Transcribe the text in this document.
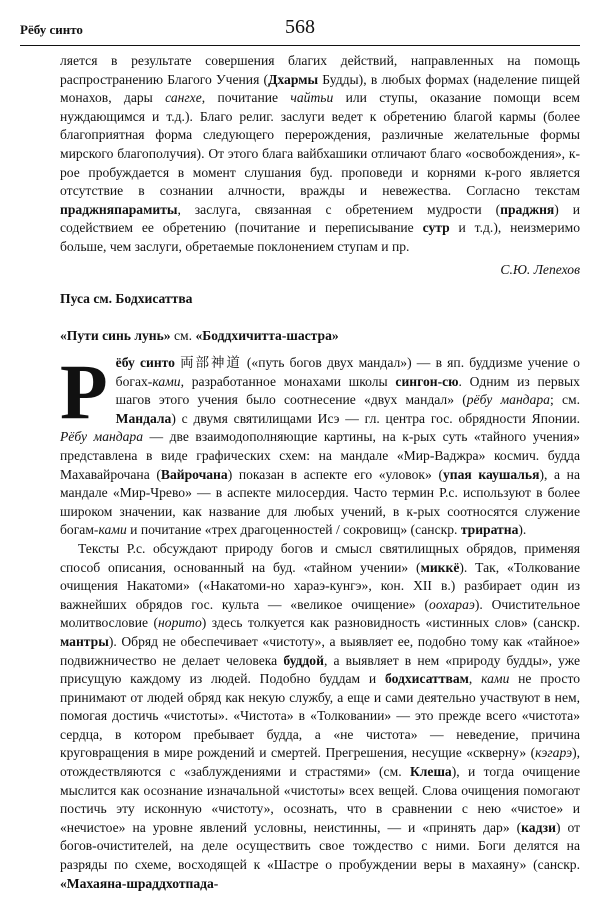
Рёбу синто	568

ляется в результате совершения благих действий, направленных на помощь распространению Благого Учения (Дхармы Будды), в любых формах (наделение пищей монахов, дары сангхе, почитание чайтьи или ступы, оказание помощи всем нуждающимся и т.д.). Благо религ. заслуги ведет к обретению благой кармы (более благоприятная форма следующего перерождения, различные желательные формы мирского благополучия). От этого блага вайбхашики отличают благо «освобождения», к-рое пробуждается в момент слушания буд. проповеди и корнями к-рого является отсутствие в сознании алчности, вражды и невежества. Согласно текстам праджняпарамиты, заслуга, связанная с обретением мудрости (праджня) и содействием ее обретению (почитание и переписывание сутр и т.д.), неизмеримо больше, чем заслуги, обретаемые поклонением ступам и пр.

С.Ю. Лепехов

Пуса см. Бодхисаттва
«Пути синь лунь» см. «Боддхичитта-шастра»

Рёбу синто 両部神道 («путь богов двух мандал») — в яп. буддизме учение о богах-ками, разработанное монахами школы сингон-сю. Одним из первых шагов этого учения было соотнесение «двух мандал» (рёбу мандара; см. Мандала) с двумя святилищами Исэ — гл. центра гос. обрядности Японии. Рёбу мандара — две взаимодополняющие картины, на к-рых суть «тайного учения» представлена в виде графических схем: на мандале «Мир-Ваджра» космич. будда Махавайрочана (Вайрочана) показан в аспекте его «уловок» (упая каушалья), а на мандале «Мир-Чрево» — в аспекте милосердия. Часто термин Р.с. используют в более широком значении, как название для любых учений, в к-рых соотносятся служение богам-ками и почитание «трех драгоценностей / сокровищ» (санскр. триратна).

Тексты Р.с. обсуждают природу богов и смысл святилищных обрядов, применяя способ описания, основанный на буд. «тайном учении» (миккё). Так, «Толкование очищения Накатоми» («Накатоми-но харaэ-кунгэ», кон. XII в.) разбирает один из важнейших обрядов гос. культа — «великое очищение» (ooхараэ). Очистительное молитвословие (норито) здесь толкуется как разновидность «истинных слов» (санскр. мантры). Обряд не обеспечивает «чистоту», а выявляет ее, подобно тому как «тайное» подвижничество не делает человека буддой, а выявляет в нем «природу будды», уже присущую каждому из людей. Подобно буддам и бодхисаттвам, ками не просто принимают от людей обряд как некую службу, а еще и сами деятельно участвуют в нем, помогая достичь «чистоты». «Чистота» в «Толковании» — это прежде всего «чистота» сердца, в котором пребывает будда, а «не чистота» — неведение, причина круговращения в мире рождений и смертей. Прегрешения, несущие «скверну» (кэгарэ), отождествляются с «заблуждениями и страстями» (см. Клеша), и тогда очищение мыслится как осознание изначальной «чистоты» всех вещей. Слова очищения помогают постичь эту исконную «чистоту», осознать, что в сравнении с нею «чистое» и «нечистое» на уровне явлений условны, неистинны, — и «принять дар» (кадзи) от богов-очистителей, на деле осуществить свое тождество с ними. Боги делятся на разряды по схеме, восходящей к «Шастре о пробуждении веры в махаяну» (санскр. «Махаяна-шраддхотпада-
